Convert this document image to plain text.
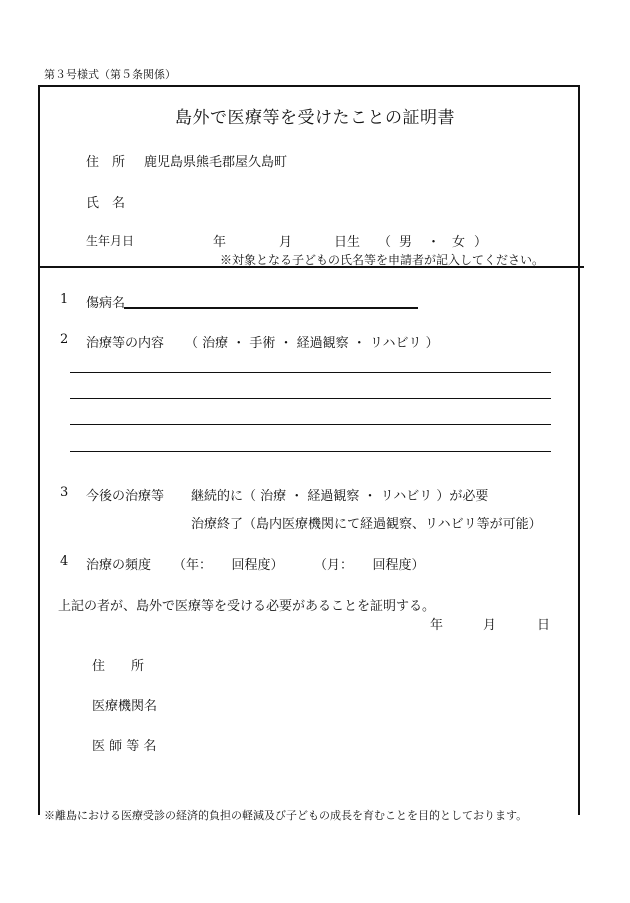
第３号様式（第５条関係）
島外で医療等を受けたことの証明書
住　所 鹿児島県熊毛郡屋久島町
氏　名
生年月日	年	月	日生 （ 男 ・ 女 ）
※対象となる子どもの氏名等を申請者が記入してください。
1 傷病名
2 治療等の内容 （ 治療 ・ 手術 ・ 経過観察 ・ リハビリ ）
3 今後の治療等 継続的に（ 治療 ・ 経過観察 ・ リハビリ ）が必要
治療終了（島内医療機関にて経過観察、リハビリ等が可能）
4 治療の頻度 （年：　　回程度） （月：　　回程度）
上記の者が、島外で医療等を受ける必要があることを証明する。
年	月	日
住　　所
医療機関名
医 師 等 名
※離島における医療受診の経済的負担の軽減及び子どもの成長を育むことを目的としております。
